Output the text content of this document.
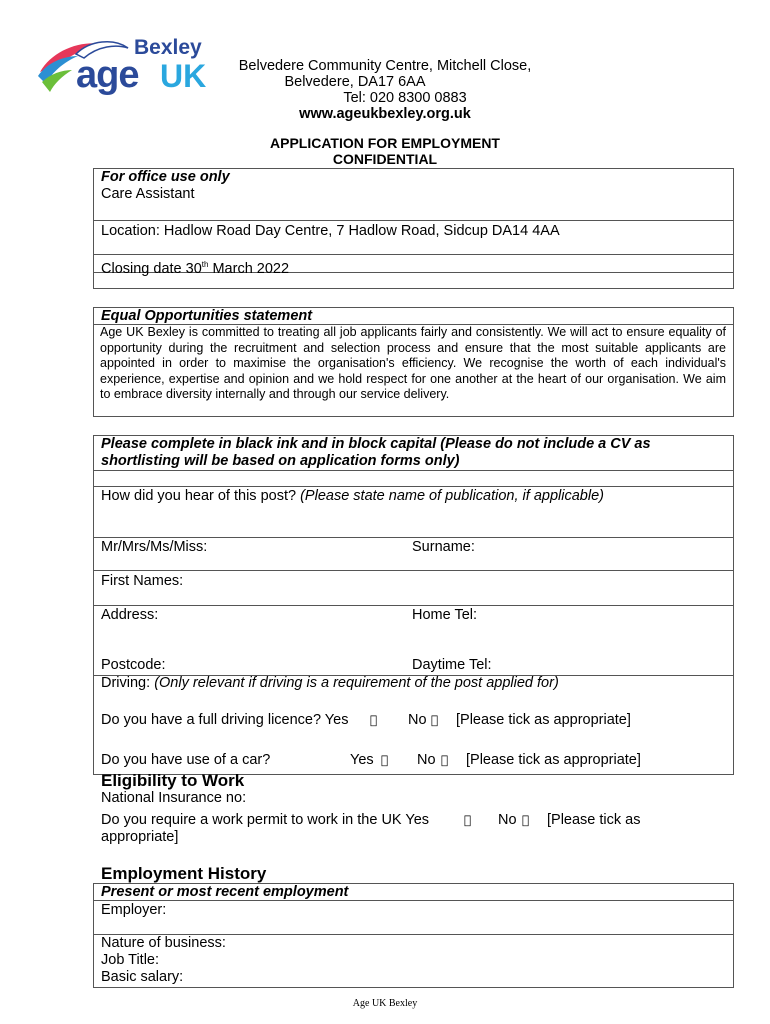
Bexley
age UK	Belvedere Community Centre, Mitchell Close,
Belvedere, DA17 6AA
Tel: 020 8300 0883
www.ageukbexley.org.uk
APPLICATION FOR EMPLOYMENT
CONFIDENTIAL
For office use only
Care Assistant
Location: Hadlow Road Day Centre, 7 Hadlow Road, Sidcup DA14 4AA
Closing date 30th March 2022
Equal Opportunities statement
Age UK Bexley is committed to treating all job applicants fairly and consistently. We will act to ensure equality of opportunity during the recruitment and selection process and ensure that the most suitable applicants are appointed in order to maximise the organisation's efficiency. We recognise the worth of each individual's experience, expertise and opinion and we hold respect for one another at the heart of our organisation. We aim to embrace diversity internally and through our service delivery.
Please complete in black ink and in block capital (Please do not include a CV as shortlisting will be based on application forms only)
How did you hear of this post? (Please state name of publication, if applicable)
Mr/Mrs/Ms/Miss:	Surname:
First Names:
Address:	Home Tel:
Postcode:	Daytime Tel:
Driving: (Only relevant if driving is a requirement of the post applied for)
Do you have a full driving licence? Yes	No [Please tick as appropriate]
Do you have use of a car?	Yes	No [Please tick as appropriate]
Eligibility to Work
National Insurance no:
Do you require a work permit to work in the UK Yes	No [Please tick as
appropriate]
Employment History
Present or most recent employment
Employer:
Nature of business:
Job Title:
Basic salary:
Age UK Bexley
